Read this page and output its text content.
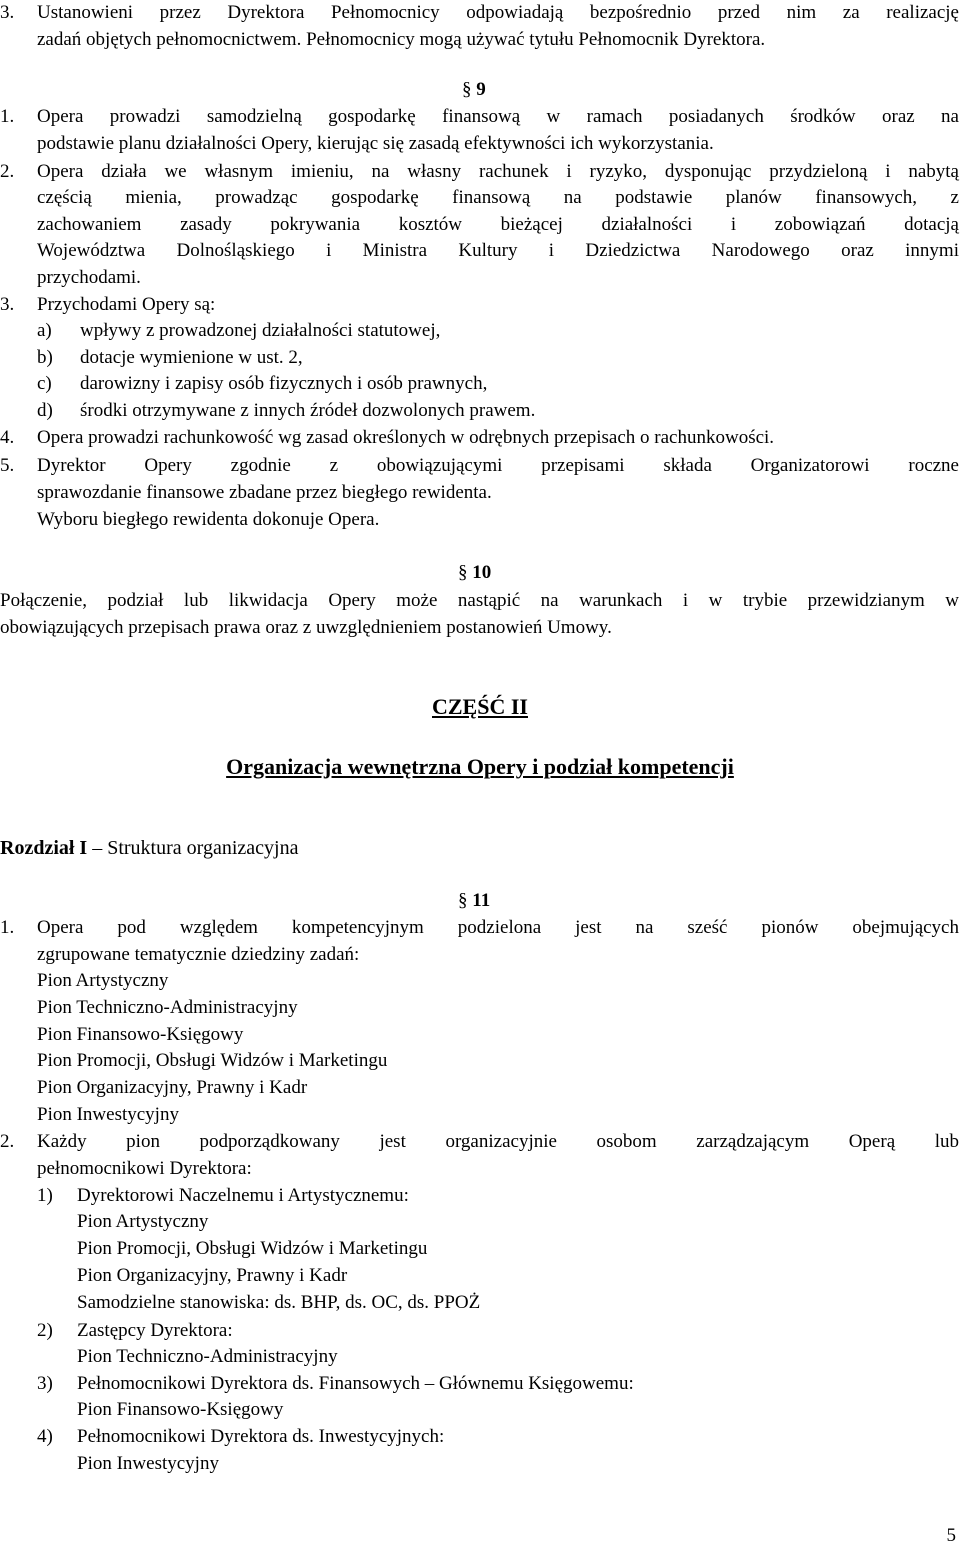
3. Ustanowieni przez Dyrektora Pełnomocnicy odpowiadają bezpośrednio przed nim za realizację
zadań objętych pełnomocnictwem. Pełnomocnicy mogą używać tytułu Pełnomocnik Dyrektora.
§ 9
1. Opera prowadzi samodzielną gospodarkę finansową w ramach posiadanych środków oraz na
podstawie planu działalności Opery, kierując się zasadą efektywności ich wykorzystania.
2. Opera działa we własnym imieniu, na własny rachunek i ryzyko, dysponując przydzieloną i nabytą
częścią mienia, prowadząc gospodarkę finansową na podstawie planów finansowych, z
zachowaniem zasady pokrywania kosztów bieżącej działalności i zobowiązań dotacją
Województwa Dolnośląskiego i Ministra Kultury i Dziedzictwa Narodowego oraz innymi
przychodami.
3. Przychodami Opery są:
a) wpływy z prowadzonej działalności statutowej,
b) dotacje wymienione w ust. 2,
c) darowizny i zapisy osób fizycznych i osób prawnych,
d) środki otrzymywane z innych źródeł dozwolonych prawem.
4. Opera prowadzi rachunkowość wg zasad określonych w odrębnych przepisach o rachunkowości.
5. Dyrektor Opery zgodnie z obowiązującymi przepisami składa Organizatorowi roczne
sprawozdanie finansowe zbadane przez biegłego rewidenta.
Wyboru biegłego rewidenta dokonuje Opera.
§ 10
Połączenie, podział lub likwidacja Opery może nastąpić na warunkach i w trybie przewidzianym w
obowiązujących przepisach prawa oraz z uwzględnieniem postanowień Umowy.
CZĘŚĆ II
Organizacja wewnętrzna Opery i podział kompetencji
Rozdział I – Struktura organizacyjna
§ 11
1. Opera pod względem kompetencyjnym podzielona jest na sześć pionów obejmujących
zgrupowane tematycznie dziedziny zadań:
Pion Artystyczny
Pion Techniczno-Administracyjny
Pion Finansowo-Księgowy
Pion Promocji, Obsługi Widzów i Marketingu
Pion Organizacyjny, Prawny i Kadr
Pion Inwestycyjny
2. Każdy pion podporządkowany jest organizacyjnie osobom zarządzającym Operą lub
pełnomocnikowi Dyrektora:
1) Dyrektorowi Naczelnemu i Artystycznemu:
Pion Artystyczny
Pion Promocji, Obsługi Widzów i Marketingu
Pion Organizacyjny, Prawny i Kadr
Samodzielne stanowiska: ds. BHP, ds. OC, ds. PPOŻ
2) Zastępcy Dyrektora:
Pion Techniczno-Administracyjny
3) Pełnomocnikowi Dyrektora ds. Finansowych – Głównemu Księgowemu:
Pion Finansowo-Księgowy
4) Pełnomocnikowi Dyrektora ds. Inwestycyjnych:
Pion Inwestycyjny
5
